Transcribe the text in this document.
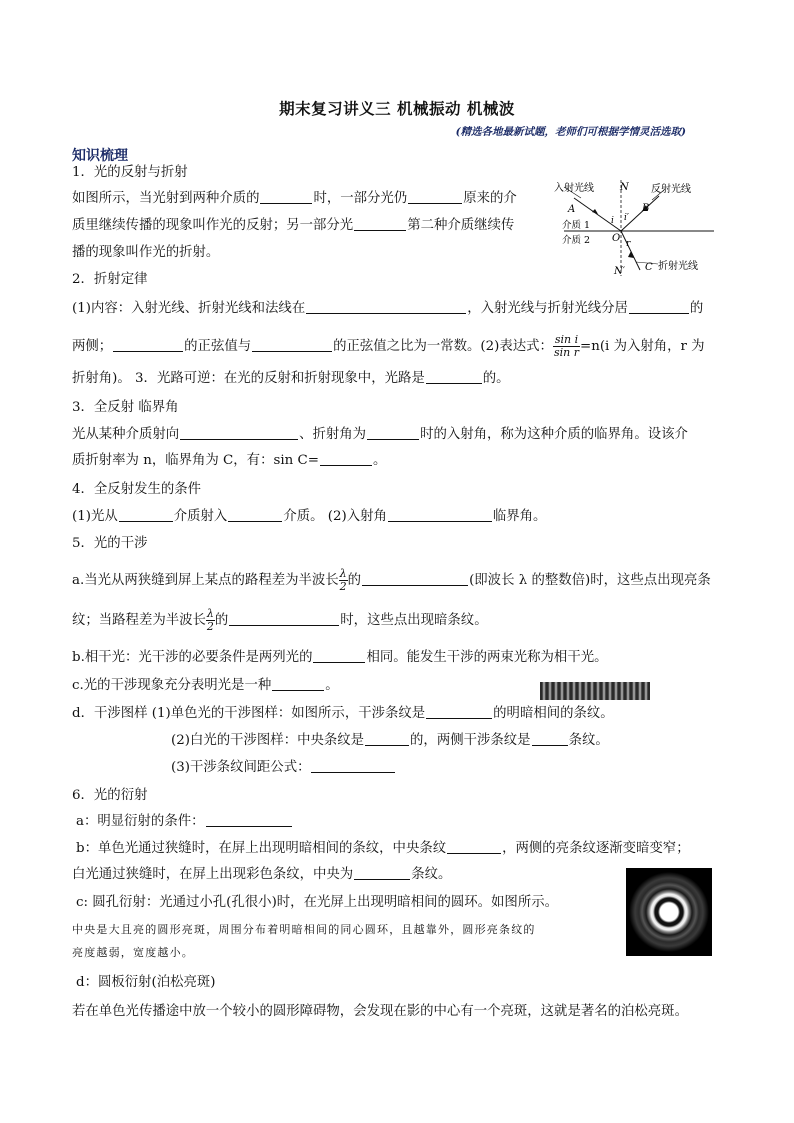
期末复习讲义三 机械振动 机械波
(精选各地最新试题，老师们可根据学情灵活选取)
知识梳理
1．光的反射与折射
如图所示，当光射到两种介质的	时，一部分光仍	原来的介
质里继续传播的现象叫作光的反射；另一部分光	第二种介质继续传
播的现象叫作光的折射。
入射光线	反射光线
折射光线
N
N′
A	B
C
O
i i′
r
介质 1
介质 2
2．折射定律
(1)内容：入射光线、折射光线和法线在	，入射光线与折射光线分居	的
两侧；	的正弦值与	的正弦值之比为一常数。(2)表达式： $\frac{\text{sin i}}{\text{sin r}} =n(i$ 为入射角，r 为
折射角)。 3．光路可逆：在光的反射和折射现象中，光路是	的。
3．全反射 临界角
光从某种介质射向	、折射角为	时的入射角，称为这种介质的临界角。设该介
质折射率为 n，临界角为 C，有：sin C=	。
4．全反射发生的条件
(1)光从	介质射入	介质。 (2)入射角	临界角。
5．光的干涉
a.当光从两狭缝到屏上某点的路程差为半波长 $\frac{\lambda}{2}$ 的	(即波长 λ 的整数倍)时，这些点出现亮条
纹；当路程差为半波长 $\frac{\lambda}{2}$ 的	时，这些点出现暗条纹。
b.相干光：光干涉的必要条件是两列光的	相同。能发生干涉的两束光称为相干光。
c.光的干涉现象充分表明光是一种	。
d．干涉图样 (1)单色光的干涉图样：如图所示，干涉条纹是	的明暗相间的条纹。
(2)白光的干涉图样：中央条纹是	的，两侧干涉条纹是	条纹。
(3)干涉条纹间距公式：
6．光的衍射
a：明显衍射的条件：
b：单色光通过狭缝时，在屏上出现明暗相间的条纹，中央条纹	，两侧的亮条纹逐渐变暗变窄；
白光通过狭缝时，在屏上出现彩色条纹，中央为	条纹。
c: 圆孔衍射：光通过小孔(孔很小)时，在光屏上出现明暗相间的圆环。如图所示。
中央是大且亮的圆形亮斑，周围分布着明暗相间的同心圆环，且越靠外，圆形亮条纹的
亮度越弱，宽度越小。
d：圆板衍射(泊松亮斑)
若在单色光传播途中放一个较小的圆形障碍物，会发现在影的中心有一个亮斑，这就是著名的泊松亮斑。
